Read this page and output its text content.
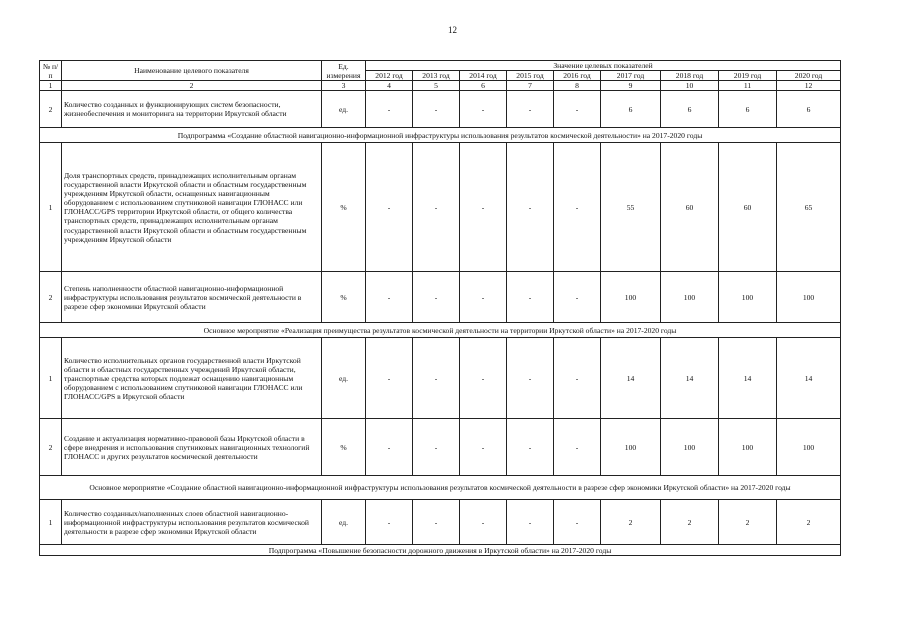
12
№ п/п	Наименование целевого показателя	Ед. измерения	Значение целевых показателей								
			2012 год	2013 год	2014 год	2015 год	2016 год	2017 год	2018 год	2019 год	2020 год
1	2	3	4	5	6	7	8	9	10	11	12
2	Количество созданных и функционирующих систем безопасности, жизнеобеспечения и мониторинга на территории Иркутской области	ед.	-	-	-	-	-	6	6	6	6
Подпрограмма «Создание областной навигационно-информационной инфраструктуры использования результатов космической деятельности» на 2017-2020 годы											
1	Доля транспортных средств, принадлежащих исполнительным органам государственной власти Иркутской области и областным государственным учреждениям Иркутской области, оснащенных навигационным оборудованием с использованием спутниковой навигации ГЛОНАСС или ГЛОНАСС/GPS территории Иркутской области, от общего количества транспортных средств, принадлежащих исполнительным органам государственной власти Иркутской области и областным государственным учреждениям Иркутской области	%	-	-	-	-	-	55	60	60	65
2	Степень наполненности областной навигационно-информационной инфраструктуры использования результатов космической деятельности в разрезе сфер экономики Иркутской области	%	-	-	-	-	-	100	100	100	100
Основное мероприятие «Реализация преимущества результатов космической деятельности на территории Иркутской области» на 2017-2020 годы											
1	Количество исполнительных органов государственной власти Иркутской области и областных государственных учреждений Иркутской области, транспортные средства которых подлежат оснащению навигационным оборудованием с использованием спутниковой навигации ГЛОНАСС или ГЛОНАСС/GPS в Иркутской области	ед.	-	-	-	-	-	14	14	14	14
2	Создание и актуализация нормативно-правовой базы Иркутской области в сфере внедрения и использования спутниковых навигационных технологий ГЛОНАСС и других результатов космической деятельности	%	-	-	-	-	-	100	100	100	100
Основное мероприятие «Создание областной навигационно-информационной инфраструктуры использования результатов космической деятельности в разрезе сфер экономики Иркутской области» на 2017-2020 годы											
1	Количество созданных/наполненных слоев областной навигационно-информационной инфраструктуры использования результатов космической деятельности в разрезе сфер экономики Иркутской области	ед.	-	-	-	-	-	2	2	2	2
Подпрограмма «Повышение безопасности дорожного движения в Иркутской области» на 2017-2020 годы											
